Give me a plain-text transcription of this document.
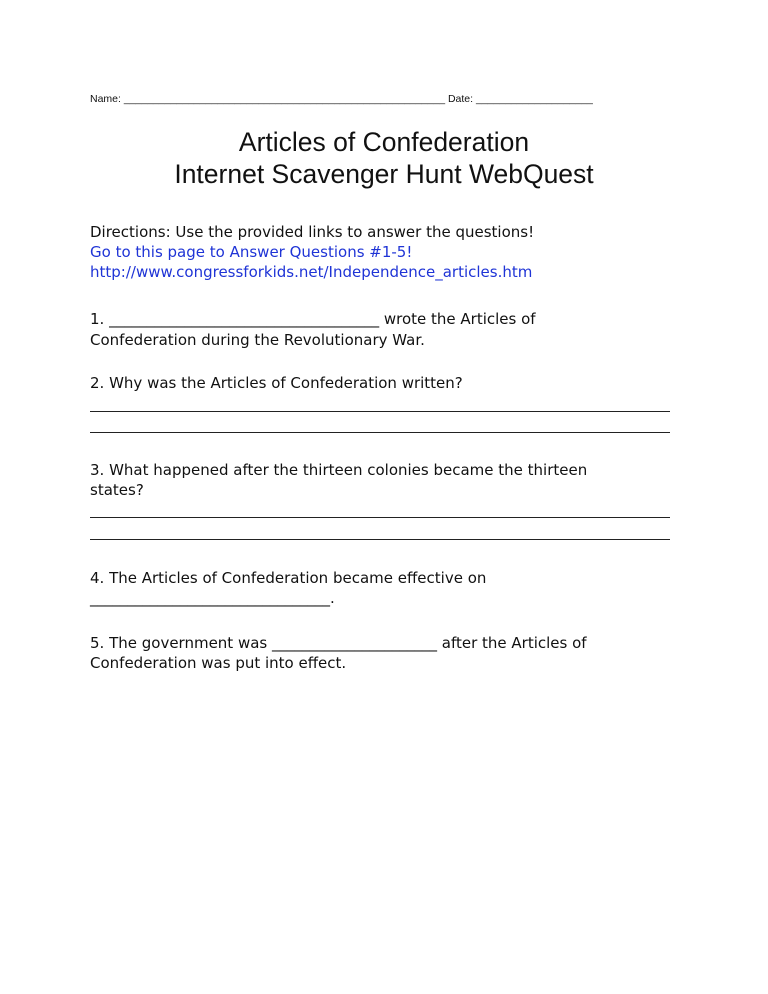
Name: _______________________________________________________ Date: ____________________
Articles of Confederation
Internet Scavenger Hunt WebQuest
Directions: Use the provided links to answer the questions!
Go to this page to Answer Questions #1-5!
http://www.congressforkids.net/Independence_articles.htm
1. ____________________________________ wrote the Articles of
Confederation during the Revolutionary War.
2. Why was the Articles of Confederation written?
3. What happened after the thirteen colonies became the thirteen
states?
4. The Articles of Confederation became effective on
________________________________.
5. The government was ______________________ after the Articles of
Confederation was put into effect.
